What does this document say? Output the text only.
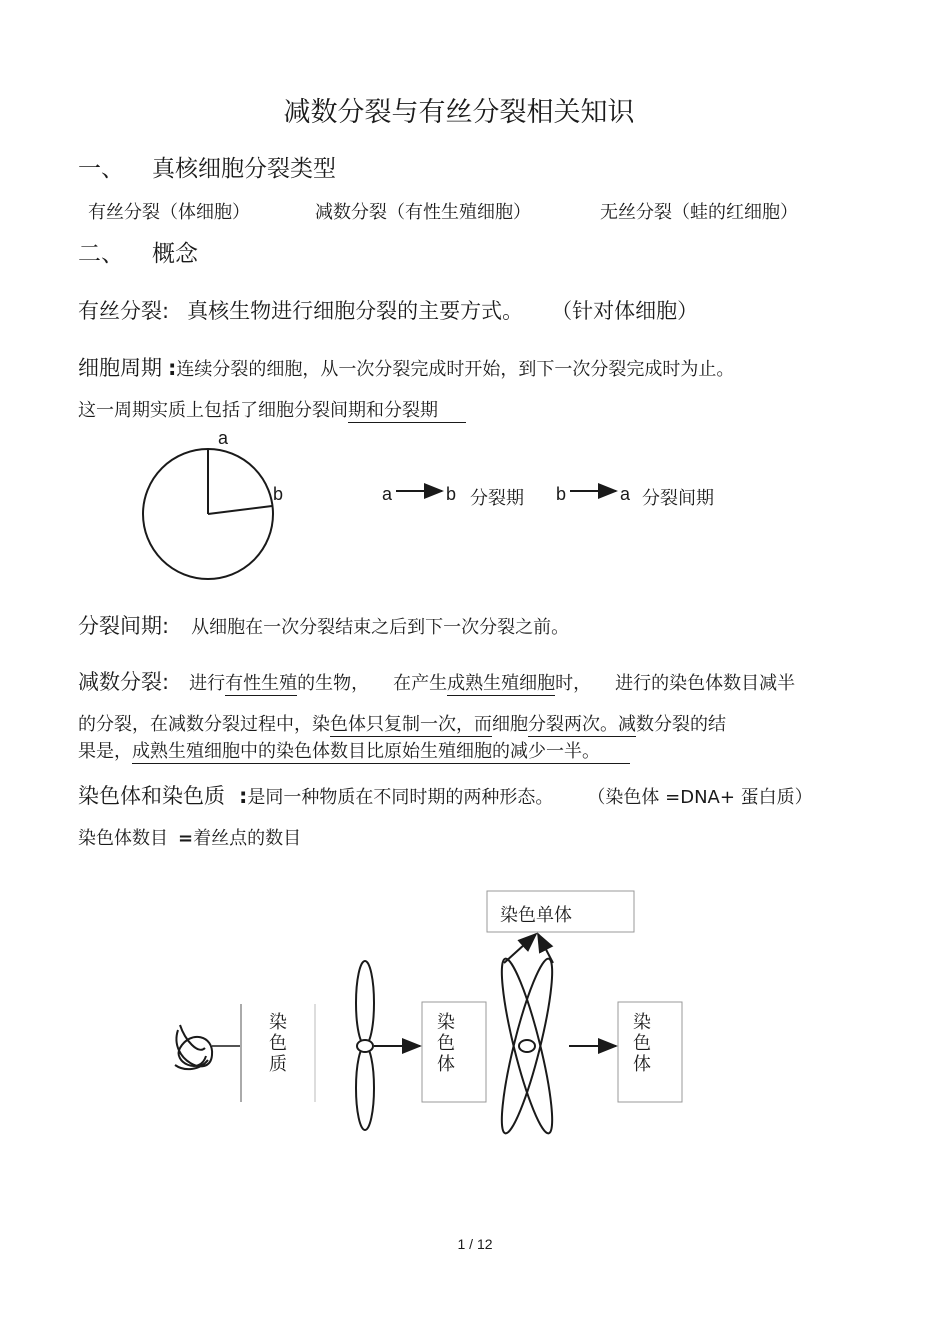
减数分裂与有丝分裂相关知识
一、 真核细胞分裂类型
有丝分裂（体细胞）	减数分裂（有性生殖细胞）	无丝分裂（蛙的红细胞）
二、 概念
有丝分裂: 真核生物进行细胞分裂的主要方式。 （针对体细胞）
细胞周期 :连续分裂的细胞，从一次分裂完成时开始，到下一次分裂完成时为止。
这一周期实质上包括了细胞分裂间期和分裂期
a
b	a	b 分裂期 b	a 分裂间期
分裂间期: 从细胞在一次分裂结束之后到下一次分裂之前。
减数分裂: 进行有性生殖的生物， 在产生成熟生殖细胞时， 进行的染色体数目减半
的分裂，在减数分裂过程中，染色体只复制一次，而细胞分裂两次。减数分裂的结
果是，成熟生殖细胞中的染色体数目比原始生殖细胞的减少一半。
染色体和染色质 :是同一种物质在不同时期的两种形态。 （染色体 =DNA+ 蛋白质）
染色体数目 =着丝点的数目
染
色
质
染
色
体
染
色
体
染色单体
1 / 12
